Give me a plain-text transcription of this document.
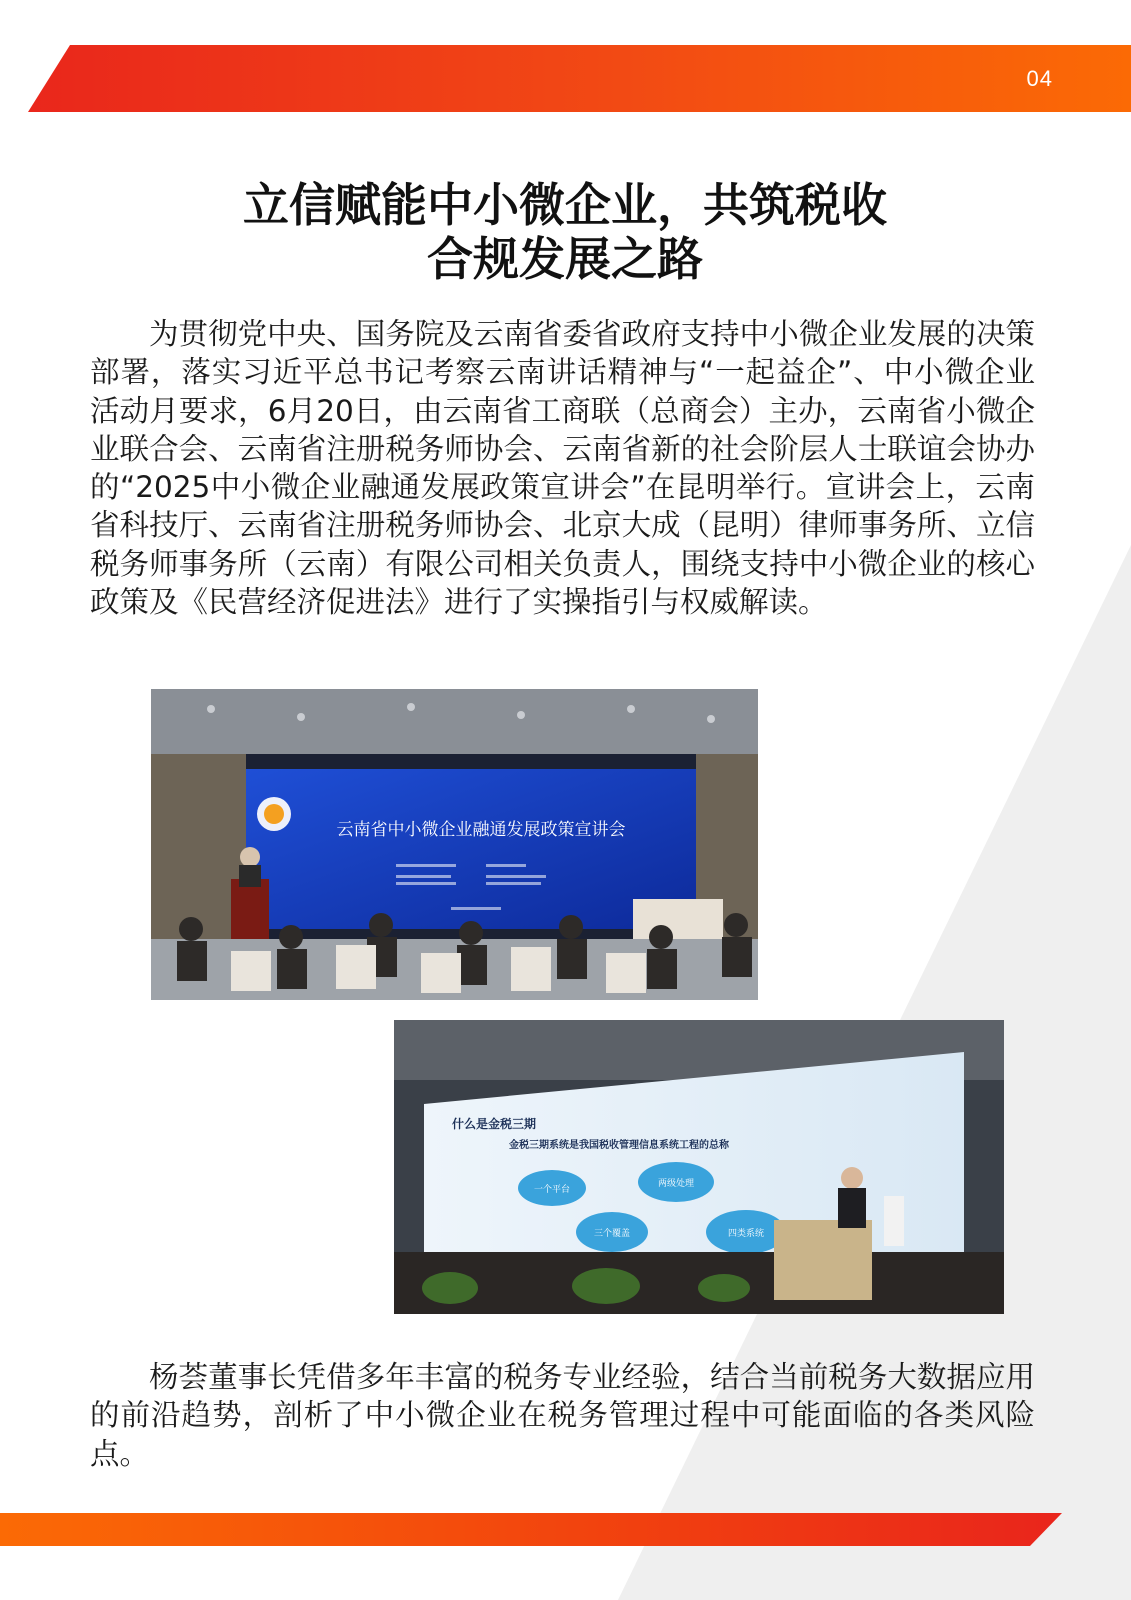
04
立信赋能中小微企业，共筑税收
合规发展之路

为贯彻党中央、国务院及云南省委省政府支持中小微企业发展的决策部署，落实习近平总书记考察云南讲话精神与“一起益企”、中小微企业活动月要求，6月20日，由云南省工商联（总商会）主办，云南省小微企业联合会、云南省注册税务师协会、云南省新的社会阶层人士联谊会协办的“2025中小微企业融通发展政策宣讲会”在昆明举行。宣讲会上，云南省科技厅、云南省注册税务师协会、北京大成（昆明）律师事务所、立信税务师事务所（云南）有限公司相关负责人，围绕支持中小微企业的核心政策及《民营经济促进法》进行了实操指引与权威解读。

云南省中小微企业融通发展政策宣讲会
什么是金税三期
金税三期系统是我国税收管理信息系统工程的总称
一个平台
两级处理
三个覆盖	四类系统

杨荟董事长凭借多年丰富的税务专业经验，结合当前税务大数据应用的前沿趋势，剖析了中小微企业在税务管理过程中可能面临的各类风险点。
